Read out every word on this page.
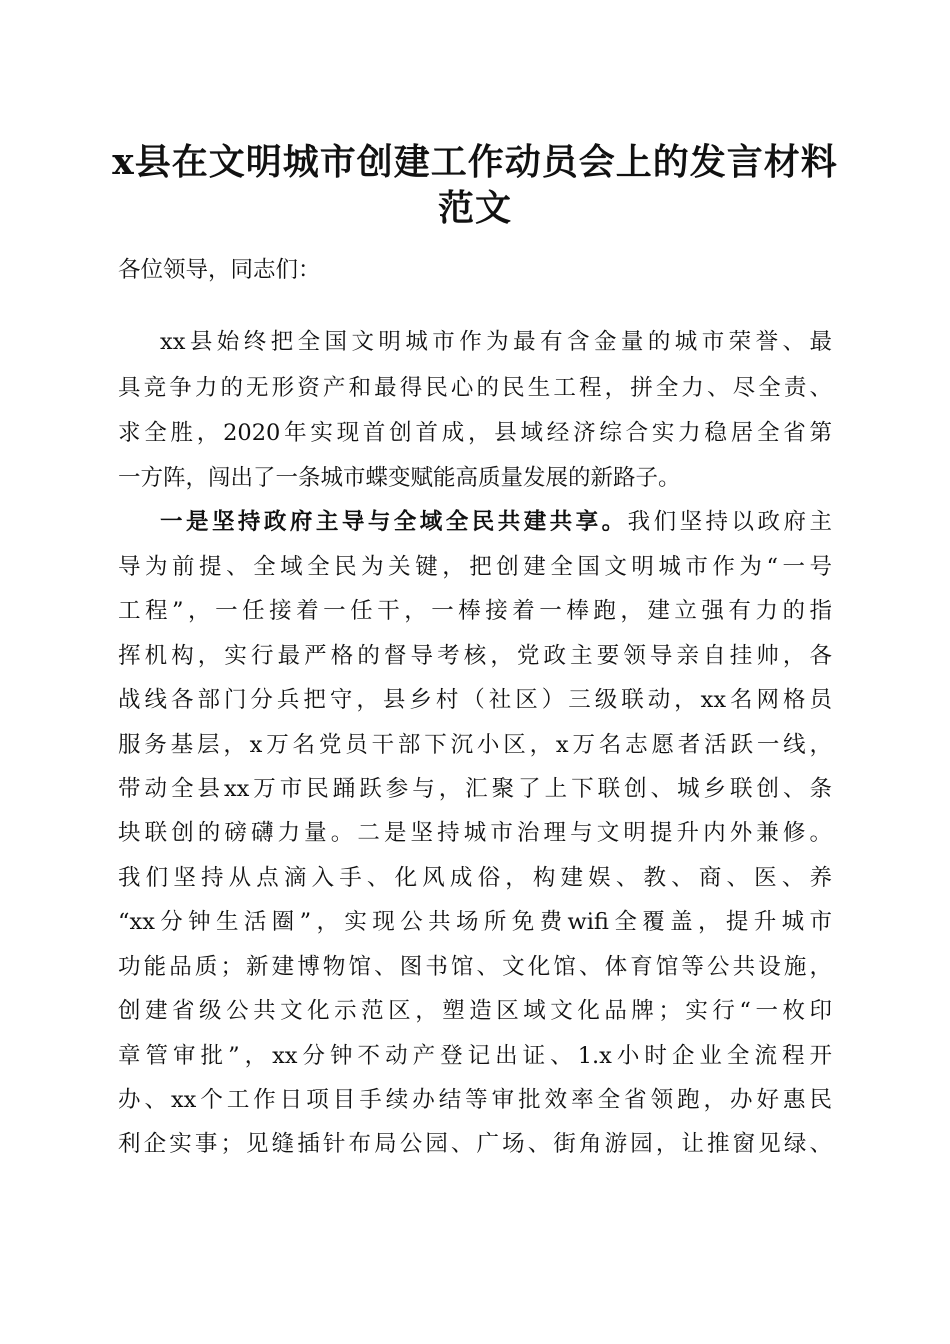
x县在文明城市创建工作动员会上的发言材料
范文

各位领导，同志们：

xx县始终把全国文明城市作为最有含金量的城市荣誉、最

具竞争力的无形资产和最得民心的民生工程，拼全力、尽全责、

求全胜，2020年实现首创首成，县域经济综合实力稳居全省第

一方阵，闯出了一条城市蝶变赋能高质量发展的新路子。

一是坚持政府主导与全域全民共建共享。我们坚持以政府主

导为前提、全域全民为关键，把创建全国文明城市作为“一号

工程”，一任接着一任干，一棒接着一棒跑，建立强有力的指

挥机构，实行最严格的督导考核，党政主要领导亲自挂帅，各

战线各部门分兵把守，县乡村（社区）三级联动，xx名网格员

服务基层，x万名党员干部下沉小区，x万名志愿者活跃一线，

带动全县xx万市民踊跃参与，汇聚了上下联创、城乡联创、条

块联创的磅礴力量。二是坚持城市治理与文明提升内外兼修。

我们坚持从点滴入手、化风成俗，构建娱、教、商、医、养

“xx分钟生活圈”，实现公共场所免费wifi全覆盖，提升城市

功能品质；新建博物馆、图书馆、文化馆、体育馆等公共设施，

创建省级公共文化示范区，塑造区域文化品牌；实行“一枚印

章管审批”，xx分钟不动产登记出证、1.x小时企业全流程开

办、xx个工作日项目手续办结等审批效率全省领跑，办好惠民

利企实事；见缝插针布局公园、广场、街角游园，让推窗见绿、
